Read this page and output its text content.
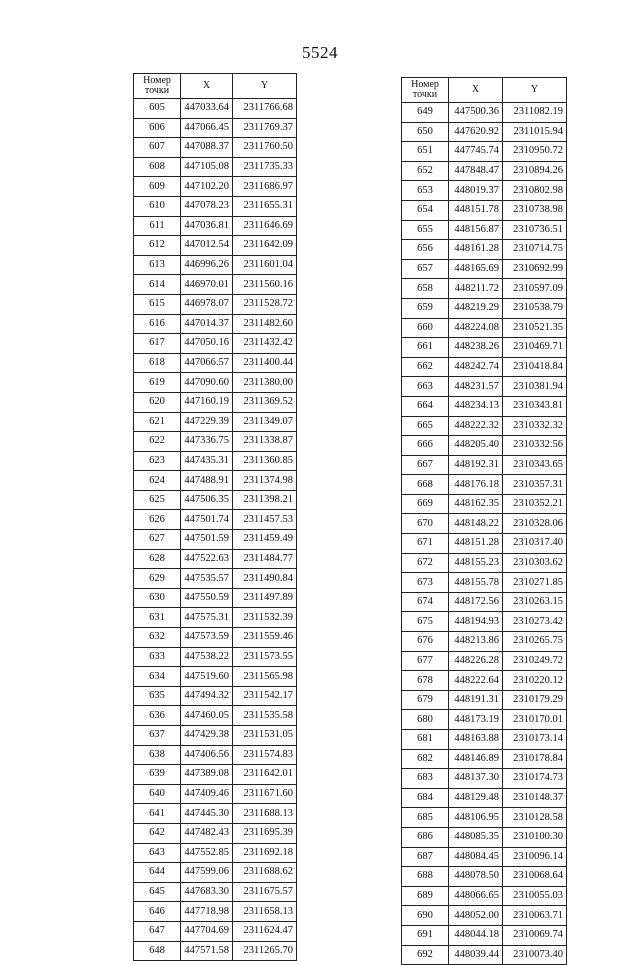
5524
Номер
точки	X	Y
605	447033.64	2311766.68
606	447066.45	2311769.37
607	447088.37	2311760.50
608	447105.08	2311735.33
609	447102.20	2311686.97
610	447078.23	2311655.31
611	447036.81	2311646.69
612	447012.54	2311642.09
613	446996.26	2311601.04
614	446970.01	2311560.16
615	446978.07	2311528.72
616	447014.37	2311482.60
617	447050.16	2311432.42
618	447066.57	2311400.44
619	447090.60	2311380.00
620	447160.19	2311369.52
621	447229.39	2311349.07
622	447336.75	2311338.87
623	447435.31	2311360.85
624	447488.91	2311374.98
625	447506.35	2311398.21
626	447501.74	2311457.53
627	447501.59	2311459.49
628	447522.63	2311484.77
629	447535.57	2311490.84
630	447550.59	2311497.89
631	447575.31	2311532.39
632	447573.59	2311559.46
633	447538.22	2311573.55
634	447519.60	2311565.98
635	447494.32	2311542.17
636	447460.05	2311535.58
637	447429.38	2311531.05
638	447406.56	2311574.83
639	447389.08	2311642.01
640	447409.46	2311671.60
641	447445.30	2311688.13
642	447482.43	2311695.39
643	447552.85	2311692.18
644	447599.06	2311688.62
645	447683.30	2311675.57
646	447718.98	2311658.13
647	447704.69	2311624.47
648	447571.58	2311265.70
Номер
точки	X	Y
649	447500.36	2311082.19
650	447620.92	2311015.94
651	447745.74	2310950.72
652	447848.47	2310894.26
653	448019.37	2310802.98
654	448151.78	2310738.98
655	448156.87	2310736.51
656	448161.28	2310714.75
657	448165.69	2310692.99
658	448211.72	2310597.09
659	448219.29	2310538.79
660	448224.08	2310521.35
661	448238.26	2310469.71
662	448242.74	2310418.84
663	448231.57	2310381.94
664	448234.13	2310343.81
665	448222.32	2310332.32
666	448205.40	2310332.56
667	448192.31	2310343.65
668	448176.18	2310357.31
669	448162.35	2310352.21
670	448148.22	2310328.06
671	448151.28	2310317.40
672	448155.23	2310303.62
673	448155.78	2310271.85
674	448172.56	2310263.15
675	448194.93	2310273.42
676	448213.86	2310265.75
677	448226.28	2310249.72
678	448222.64	2310220.12
679	448191.31	2310179.29
680	448173.19	2310170.01
681	448163.88	2310173.14
682	448146.89	2310178.84
683	448137.30	2310174.73
684	448129.48	2310148.37
685	448106.95	2310128.58
686	448085.35	2310100.30
687	448084.45	2310096.14
688	448078.50	2310068.64
689	448066.65	2310055.03
690	448052.00	2310063.71
691	448044.18	2310069.74
692	448039.44	2310073.40
